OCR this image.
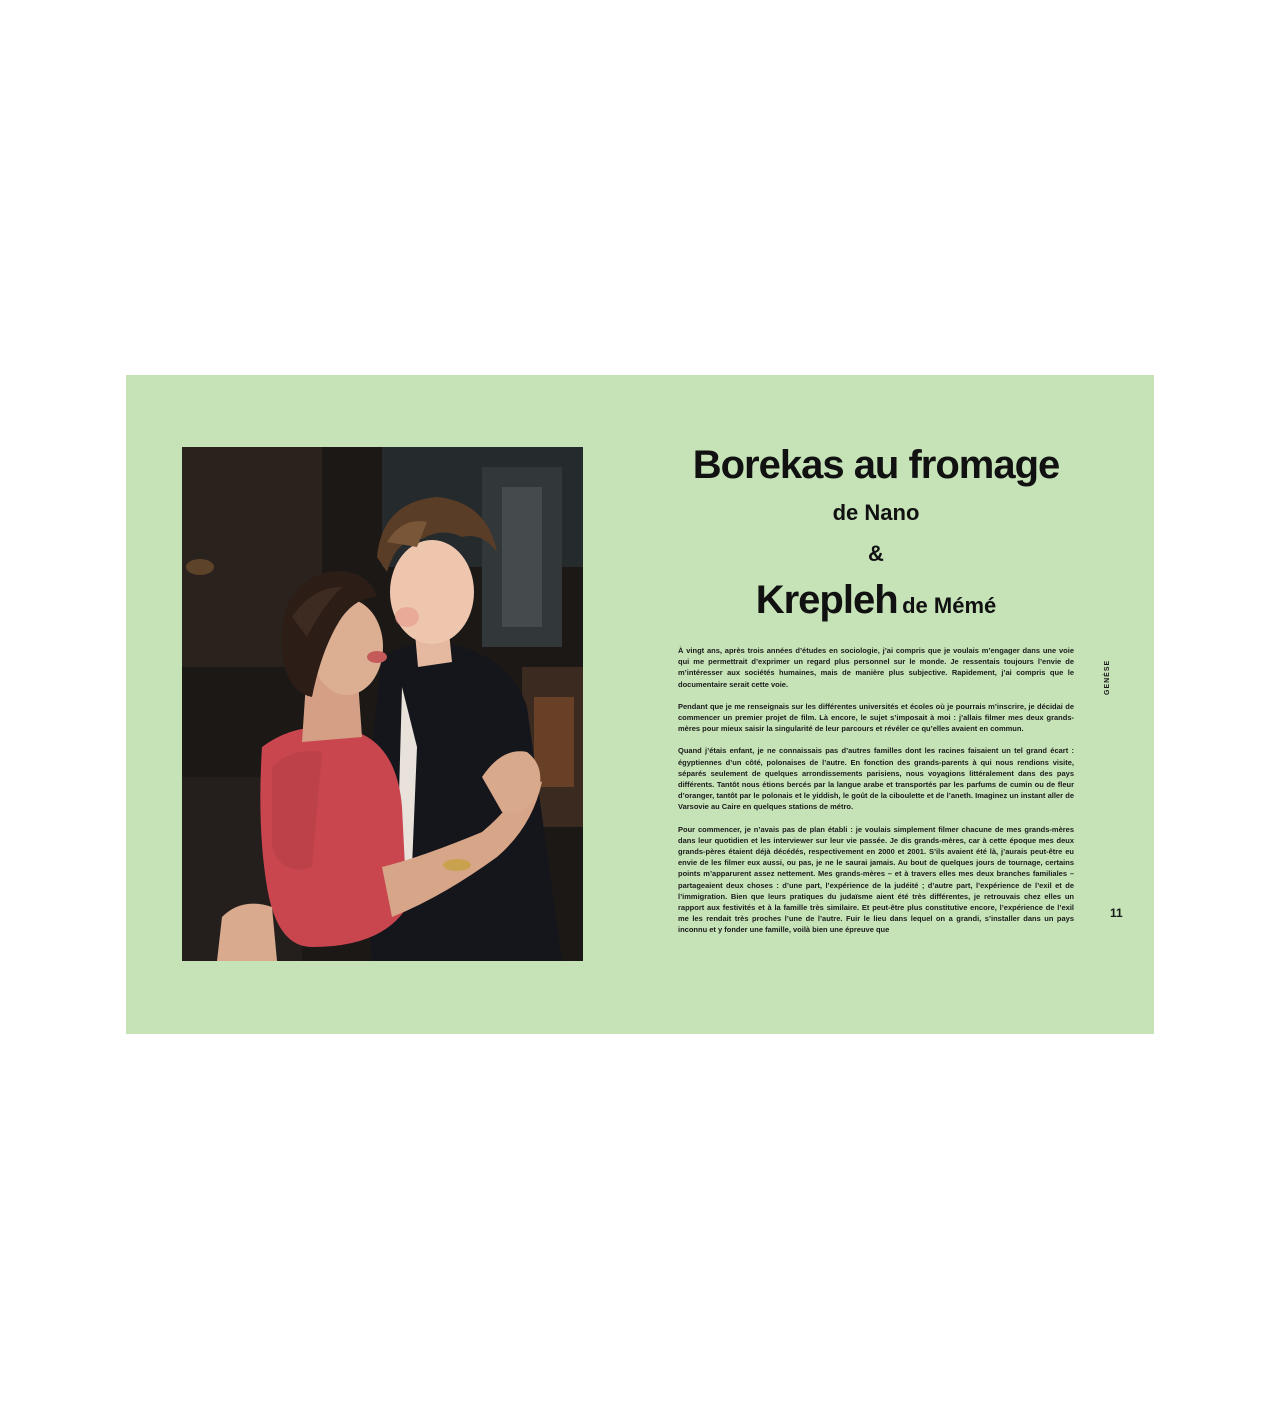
Borekas au fromage

de Nano

&

Krepleh de Mémé

À vingt ans, après trois années d’études en sociologie, j’ai compris que je voulais m’engager dans une voie qui me permettrait d’exprimer un regard plus personnel sur le monde. Je ressentais toujours l’envie de m’intéresser aux sociétés humaines, mais de manière plus subjective. Rapidement, j’ai compris que le documentaire serait cette voie.

Pendant que je me renseignais sur les différentes universités et écoles où je pourrais m’inscrire, je décidai de commencer un premier projet de film. Là encore, le sujet s’imposait à moi : j’allais filmer mes deux grands-mères pour mieux saisir la singularité de leur parcours et révéler ce qu’elles avaient en commun.

Quand j’étais enfant, je ne connaissais pas d’autres familles dont les racines faisaient un tel grand écart : égyptiennes d’un côté, polonaises de l’autre. En fonction des grands-parents à qui nous rendions visite, séparés seulement de quelques arrondissements parisiens, nous voyagions littéralement dans des pays différents. Tantôt nous étions bercés par la langue arabe et transportés par les parfums de cumin ou de fleur d’oranger, tantôt par le polonais et le yiddish, le goût de la ciboulette et de l’aneth. Imaginez un instant aller de Varsovie au Caire en quelques stations de métro.

Pour commencer, je n’avais pas de plan établi : je voulais simplement filmer chacune de mes grands-mères dans leur quotidien et les interviewer sur leur vie passée. Je dis grands-mères, car à cette époque mes deux grands-pères étaient déjà décédés, respectivement en 2000 et 2001. S’ils avaient été là, j’aurais peut-être eu envie de les filmer eux aussi, ou pas, je ne le saurai jamais. Au bout de quelques jours de tournage, certains points m’apparurent assez nettement. Mes grands-mères – et à travers elles mes deux branches familiales – partageaient deux choses : d’une part, l’expérience de la judéité ; d’autre part, l’expérience de l’exil et de l’immigration. Bien que leurs pratiques du judaïsme aient été très différentes, je retrouvais chez elles un rapport aux festivités et à la famille très similaire. Et peut-être plus constitutive encore, l’expérience de l’exil me les rendait très proches l’une de l’autre. Fuir le lieu dans lequel on a grandi, s’installer dans un pays inconnu et y fonder une famille, voilà bien une épreuve que

GENÈSE
11
